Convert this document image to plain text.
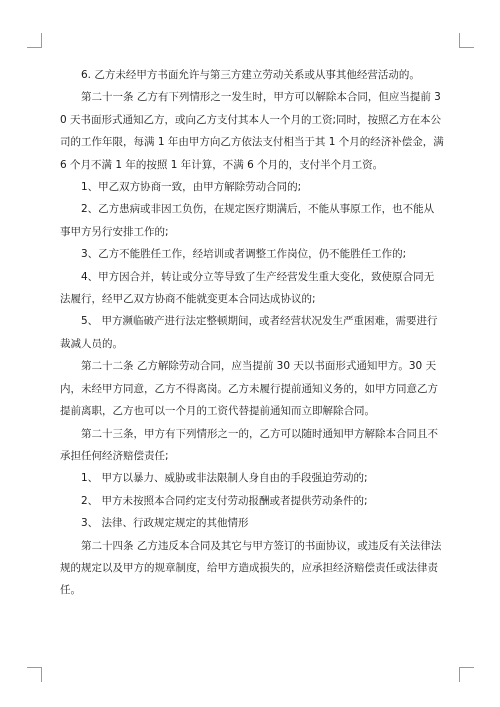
6. 乙方未经甲方书面允许与第三方建立劳动关系或从事其他经营活动的。

第二十一条 乙方有下列情形之一发生时，甲方可以解除本合同，但应当提前 30 天书面形式通知乙方，或向乙方支付其本人一个月的工资;同时，按照乙方在本公司的工作年限，每满 1 年由甲方向乙方依法支付相当于其 1 个月的经济补偿金，满 6 个月不满 1 年的按照 1 年计算，不满 6 个月的，支付半个月工资。

1、甲乙双方协商一致，由甲方解除劳动合同的;

2、乙方患病或非因工负伤，在规定医疗期满后，不能从事原工作，也不能从事甲方另行安排工作的;

3、乙方不能胜任工作，经培训或者调整工作岗位，仍不能胜任工作的;

4、甲方因合并，转让或分立等导致了生产经营发生重大变化，致使原合同无法履行，经甲乙双方协商不能就变更本合同达成协议的;

5、 甲方濒临破产进行法定整顿期间，或者经营状况发生严重困难，需要进行裁减人员的。

第二十二条 乙方解除劳动合同，应当提前 30 天以书面形式通知甲方。30 天内，未经甲方同意，乙方不得离岗。乙方未履行提前通知义务的，如甲方同意乙方提前离职，乙方也可以一个月的工资代替提前通知而立即解除合同。

第二十三条，甲方有下列情形之一的，乙方可以随时通知甲方解除本合同且不承担任何经济赔偿责任;

1、 甲方以暴力、威胁或非法限制人身自由的手段强迫劳动的;

2、 甲方未按照本合同约定支付劳动报酬或者提供劳动条件的;

3、 法律、行政规定规定的其他情形

第二十四条 乙方违反本合同及其它与甲方签订的书面协议，或违反有关法律法规的规定以及甲方的规章制度，给甲方造成损失的，应承担经济赔偿责任或法律责任。
